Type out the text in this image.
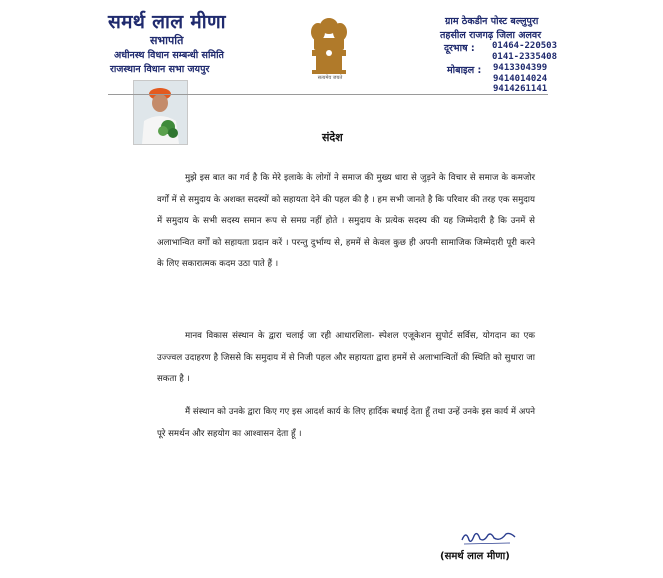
समर्थ लाल मीणा
सभापति
अधीनस्थ विधान सम्बन्धी समिति
राजस्थान विधान सभा जयपुर
सत्यमेव जयते
ग्राम ठेकडीन पोस्ट बल्लुपुरा
तहसील राजगढ़ जिला अलवर
दूरभाष : 01464-220503
0141-2335408
मोबाइल : 9413304399
9414014024
9414261141
संदेश

मुझे इस बात का गर्व है कि मेरे इलाके के लोगों ने समाज की मुख्य धारा से जुड़ने के विचार से समाज के कमजोर वर्गों में से समुदाय के अशक्त सदस्यों को सहायता देने की पहल की है । हम सभी जानते है कि परिवार की तरह एक समुदाय में समुदाय के सभी सदस्य समान रूप से समग्र नहीं होते । समुदाय के प्रत्येक सदस्य की यह जिम्मेदारी है कि उनमें से अलाभान्वित वर्गों को सहायता प्रदान करें । परन्तु दुर्भाग्य से, हममें से केवल कुछ ही अपनी सामाजिक जिम्मेदारी पूरी करने के लिए सकारात्मक कदम उठा पाते हैं ।

मानव विकास संस्थान के द्वारा चलाई जा रही आधारशिला- स्पेशल एजूकेशन सुपोर्ट सर्विस, योगदान का एक उज्ज्वल उदाहरण है जिससे कि समुदाय में से निजी पहल और सहायता द्वारा हममें से अलाभान्वितों की स्थिति को सुधारा जा सकता है ।

मैं संस्थान को उनके द्वारा किए गए इस आदर्श कार्य के लिए हार्दिक बधाई देता हूँ तथा उन्हें उनके इस कार्य में अपने पूरे समर्थन और सहयोग का आश्वासन देता हूँ ।

(समर्थ लाल मीणा)
